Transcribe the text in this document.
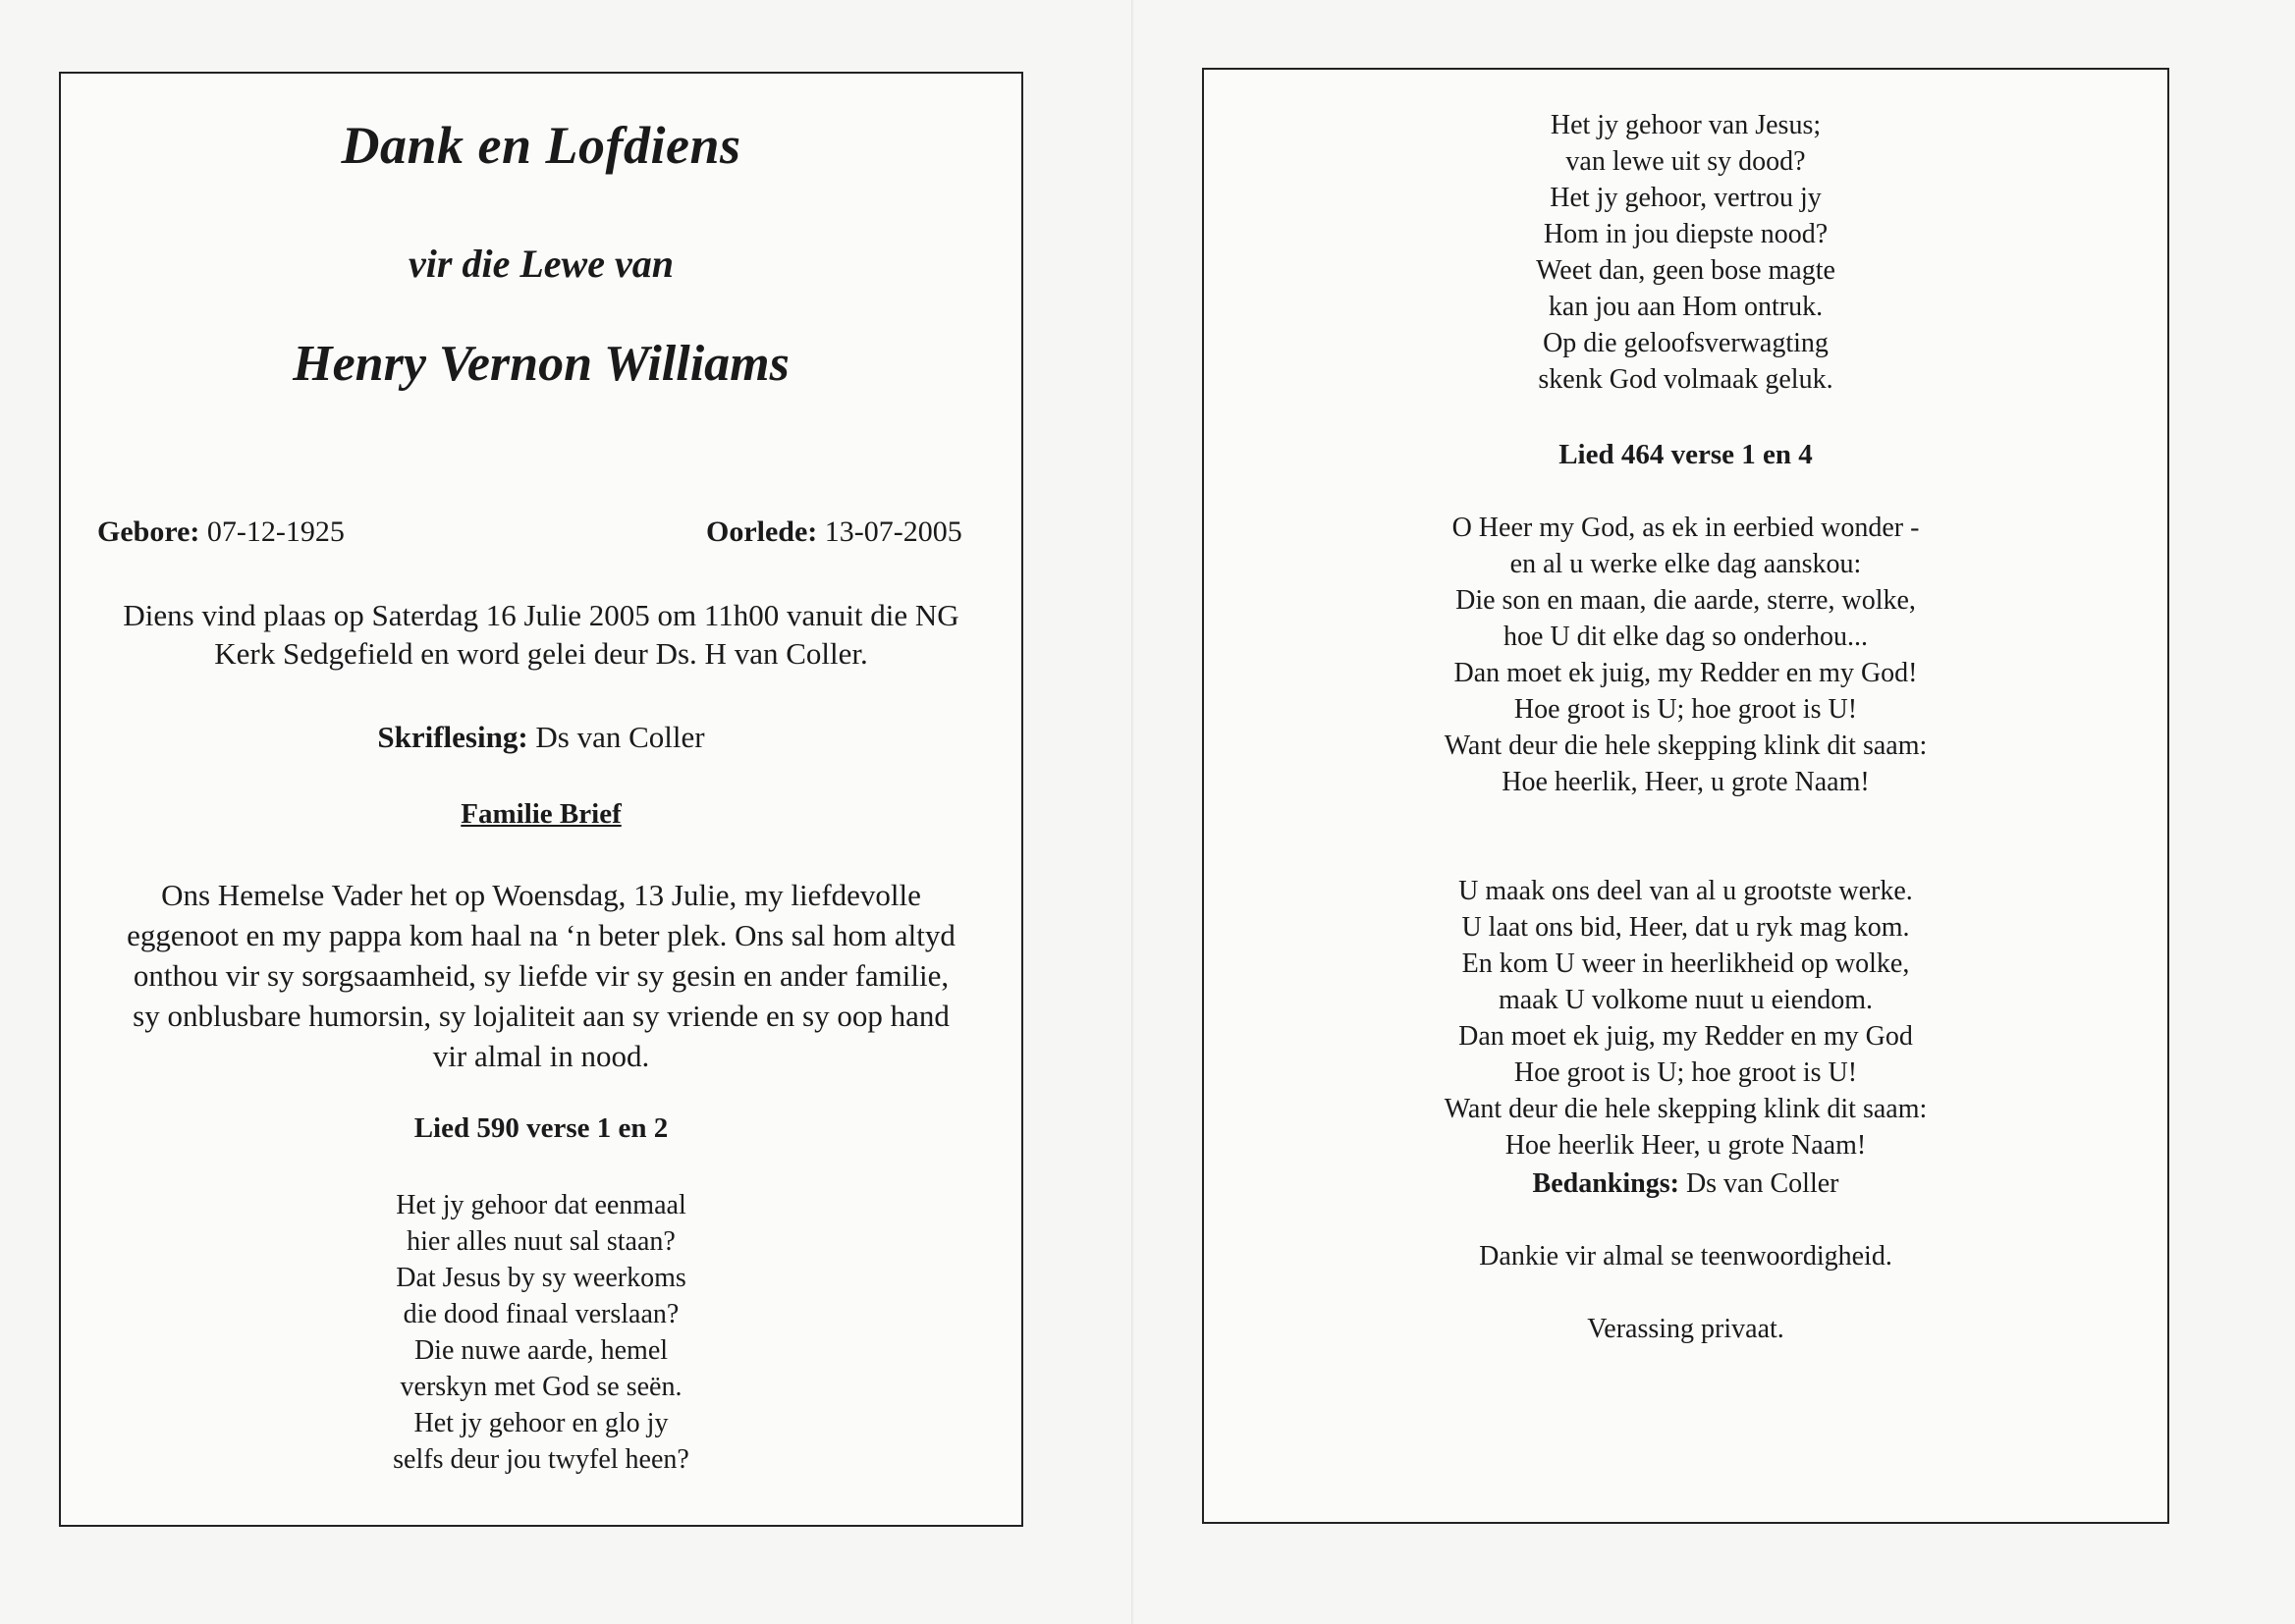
Dank en Lofdiens
vir die Lewe van
Henry Vernon Williams
Gebore: 07-12-1925	Oorlede: 13-07-2005
Diens vind plaas op Saterdag 16 Julie 2005 om 11h00 vanuit die NG
Kerk Sedgefield en word gelei deur Ds. H van Coller.
Skriflesing: Ds van Coller
Familie Brief
Ons Hemelse Vader het op Woensdag, 13 Julie, my liefdevolle
eggenoot en my pappa kom haal na ‘n beter plek. Ons sal hom altyd
onthou vir sy sorgsaamheid, sy liefde vir sy gesin en ander familie,
sy onblusbare humorsin, sy lojaliteit aan sy vriende en sy oop hand
vir almal in nood.
Lied 590 verse 1 en 2
Het jy gehoor dat eenmaal
hier alles nuut sal staan?
Dat Jesus by sy weerkoms
die dood finaal verslaan?
Die nuwe aarde, hemel
verskyn met God se seën.
Het jy gehoor en glo jy
selfs deur jou twyfel heen?
Het jy gehoor van Jesus;
van lewe uit sy dood?
Het jy gehoor, vertrou jy
Hom in jou diepste nood?
Weet dan, geen bose magte
kan jou aan Hom ontruk.
Op die geloofsverwagting
skenk God volmaak geluk.
Lied 464 verse 1 en 4
O Heer my God, as ek in eerbied wonder -
en al u werke elke dag aanskou:
Die son en maan, die aarde, sterre, wolke,
hoe U dit elke dag so onderhou...
Dan moet ek juig, my Redder en my God!
Hoe groot is U; hoe groot is U!
Want deur die hele skepping klink dit saam:
Hoe heerlik, Heer, u grote Naam!
U maak ons deel van al u grootste werke.
U laat ons bid, Heer, dat u ryk mag kom.
En kom U weer in heerlikheid op wolke,
maak U volkome nuut u eiendom.
Dan moet ek juig, my Redder en my God
Hoe groot is U; hoe groot is U!
Want deur die hele skepping klink dit saam:
Hoe heerlik Heer, u grote Naam!
Bedankings: Ds van Coller
Dankie vir almal se teenwoordigheid.
Verassing privaat.
